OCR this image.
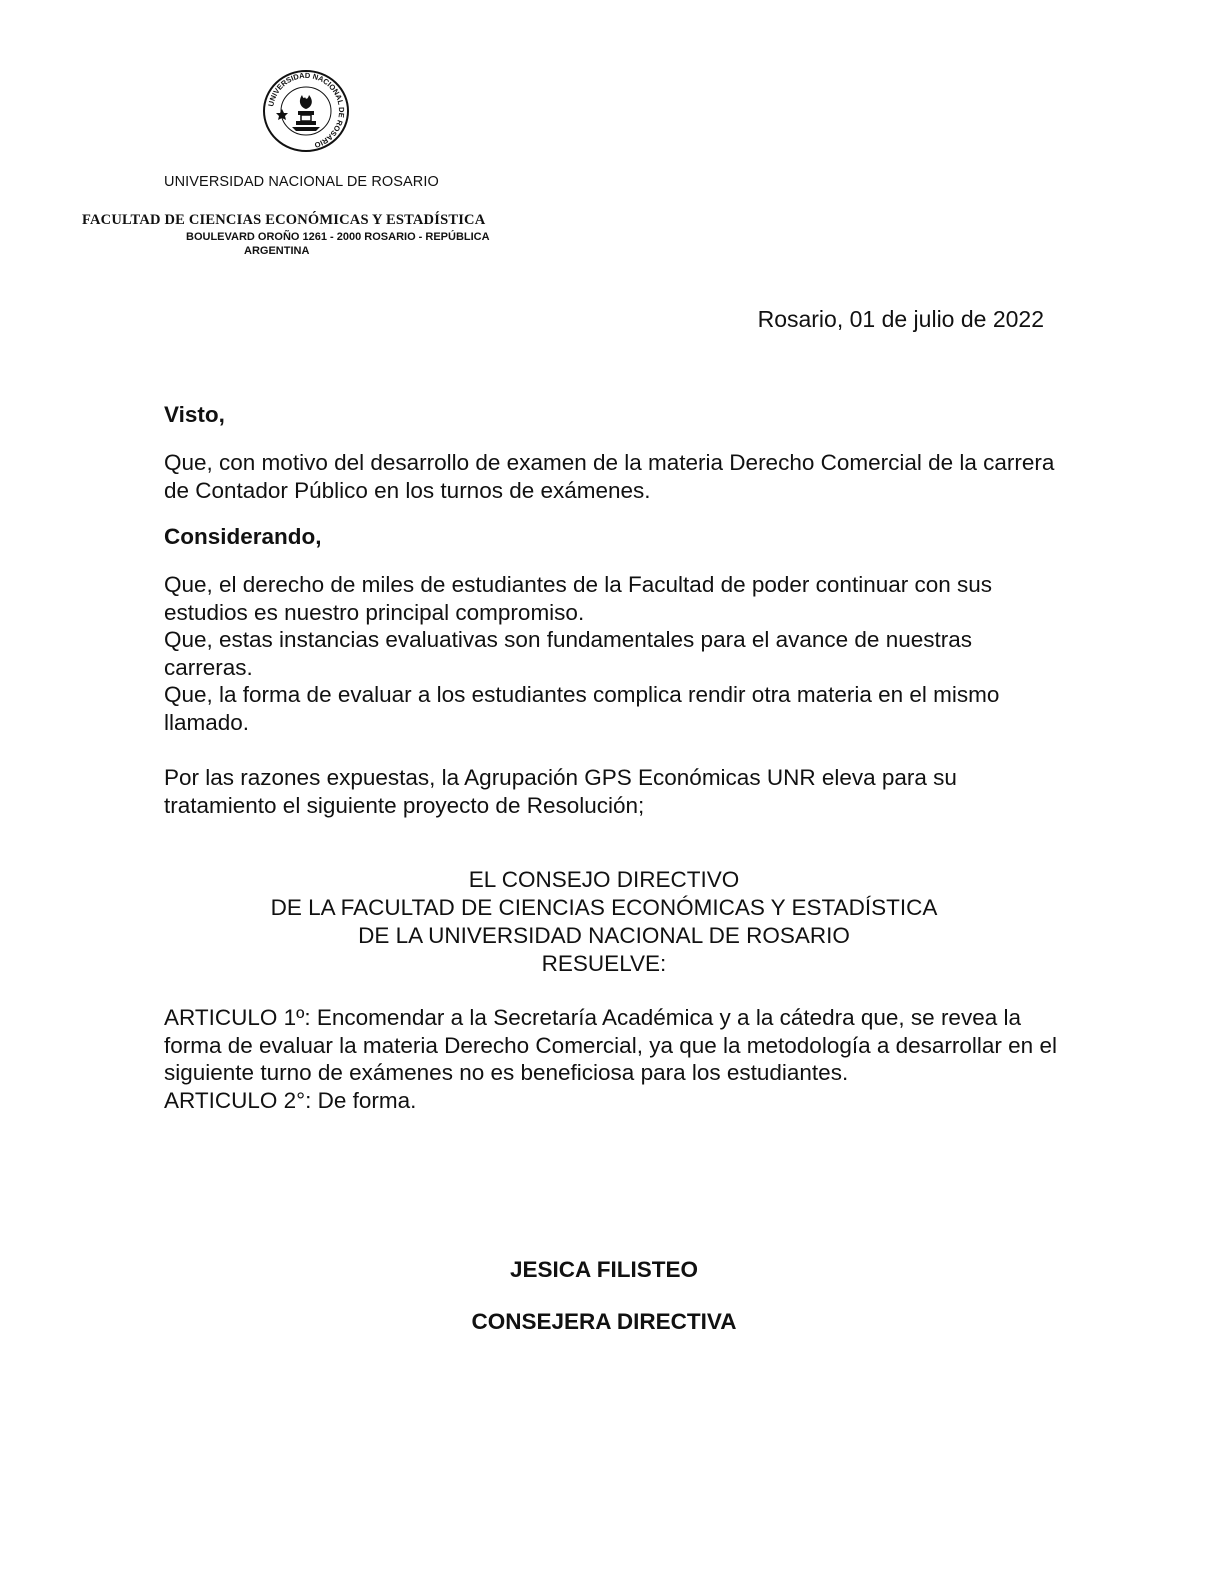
UNIVERSIDAD NACIONAL DE ROSARIO
UNIVERSIDAD NACIONAL DE ROSARIO
FACULTAD DE CIENCIAS ECONÓMICAS Y ESTADÍSTICA
BOULEVARD OROÑO 1261 - 2000 ROSARIO - REPÚBLICA
ARGENTINA
Rosario, 01 de julio de 2022
Visto,

Que, con motivo del desarrollo de examen de la materia Derecho Comercial de la carrera de Contador Público en los turnos de exámenes.

Considerando,

Que, el derecho de miles de estudiantes de la Facultad de poder continuar con sus estudios es nuestro principal compromiso.

Que, estas instancias evaluativas son fundamentales para el avance de nuestras carreras.

Que, la forma de evaluar a los estudiantes complica rendir otra materia en el mismo llamado.

Por las razones expuestas, la Agrupación GPS Económicas UNR eleva para su tratamiento el siguiente proyecto de Resolución;
EL CONSEJO DIRECTIVO
DE LA FACULTAD DE CIENCIAS ECONÓMICAS Y ESTADÍSTICA
DE LA UNIVERSIDAD NACIONAL DE ROSARIO
RESUELVE:

ARTICULO 1º: Encomendar a la Secretaría Académica y a la cátedra que, se revea la forma de evaluar la materia Derecho Comercial, ya que la metodología a desarrollar en el siguiente turno de exámenes no es beneficiosa para los estudiantes.

ARTICULO 2°: De forma.

JESICA FILISTEO
CONSEJERA DIRECTIVA
